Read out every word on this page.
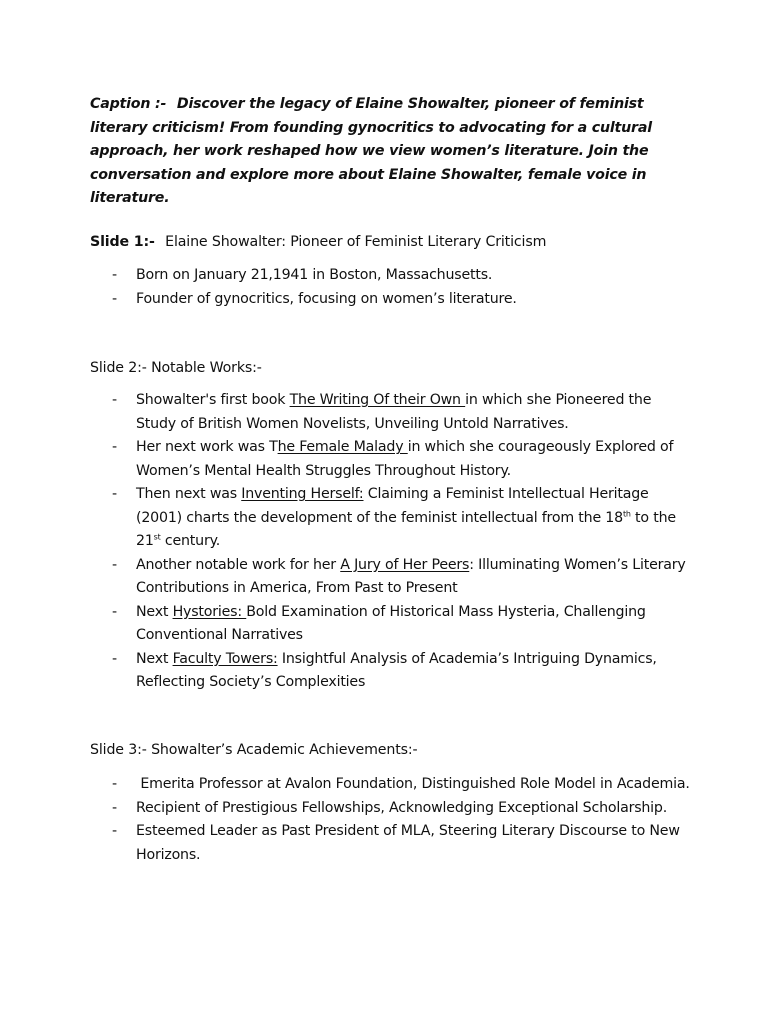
Caption :- Discover the legacy of Elaine Showalter, pioneer of feminist literary criticism! From founding gynocritics to advocating for a cultural approach, her work reshaped how we view women’s literature. Join the conversation and explore more about Elaine Showalter, female voice in literature.

Slide 1:- Elaine Showalter: Pioneer of Feminist Literary Criticism
- Born on January 21,1941 in Boston, Massachusetts.
- Founder of gynocritics, focusing on women’s literature.
Slide 2:- Notable Works:-
- Showalter's first book The Writing Of their Own in which she Pioneered the Study of British Women Novelists, Unveiling Untold Narratives.
- Her next work was The Female Malady in which she courageously Explored of Women’s Mental Health Struggles Throughout History.
- Then next was Inventing Herself: Claiming a Feminist Intellectual Heritage (2001) charts the development of the feminist intellectual from the 18th to the 21st century.
- Another notable work for her A Jury of Her Peers: Illuminating Women’s Literary Contributions in America, From Past to Present
- Next Hystories: Bold Examination of Historical Mass Hysteria, Challenging Conventional Narratives
- Next Faculty Towers: Insightful Analysis of Academia’s Intriguing Dynamics, Reflecting Society’s Complexities
Slide 3:- Showalter’s Academic Achievements:-
- Emerita Professor at Avalon Foundation, Distinguished Role Model in Academia.
- Recipient of Prestigious Fellowships, Acknowledging Exceptional Scholarship.
- Esteemed Leader as Past President of MLA, Steering Literary Discourse to New Horizons.
